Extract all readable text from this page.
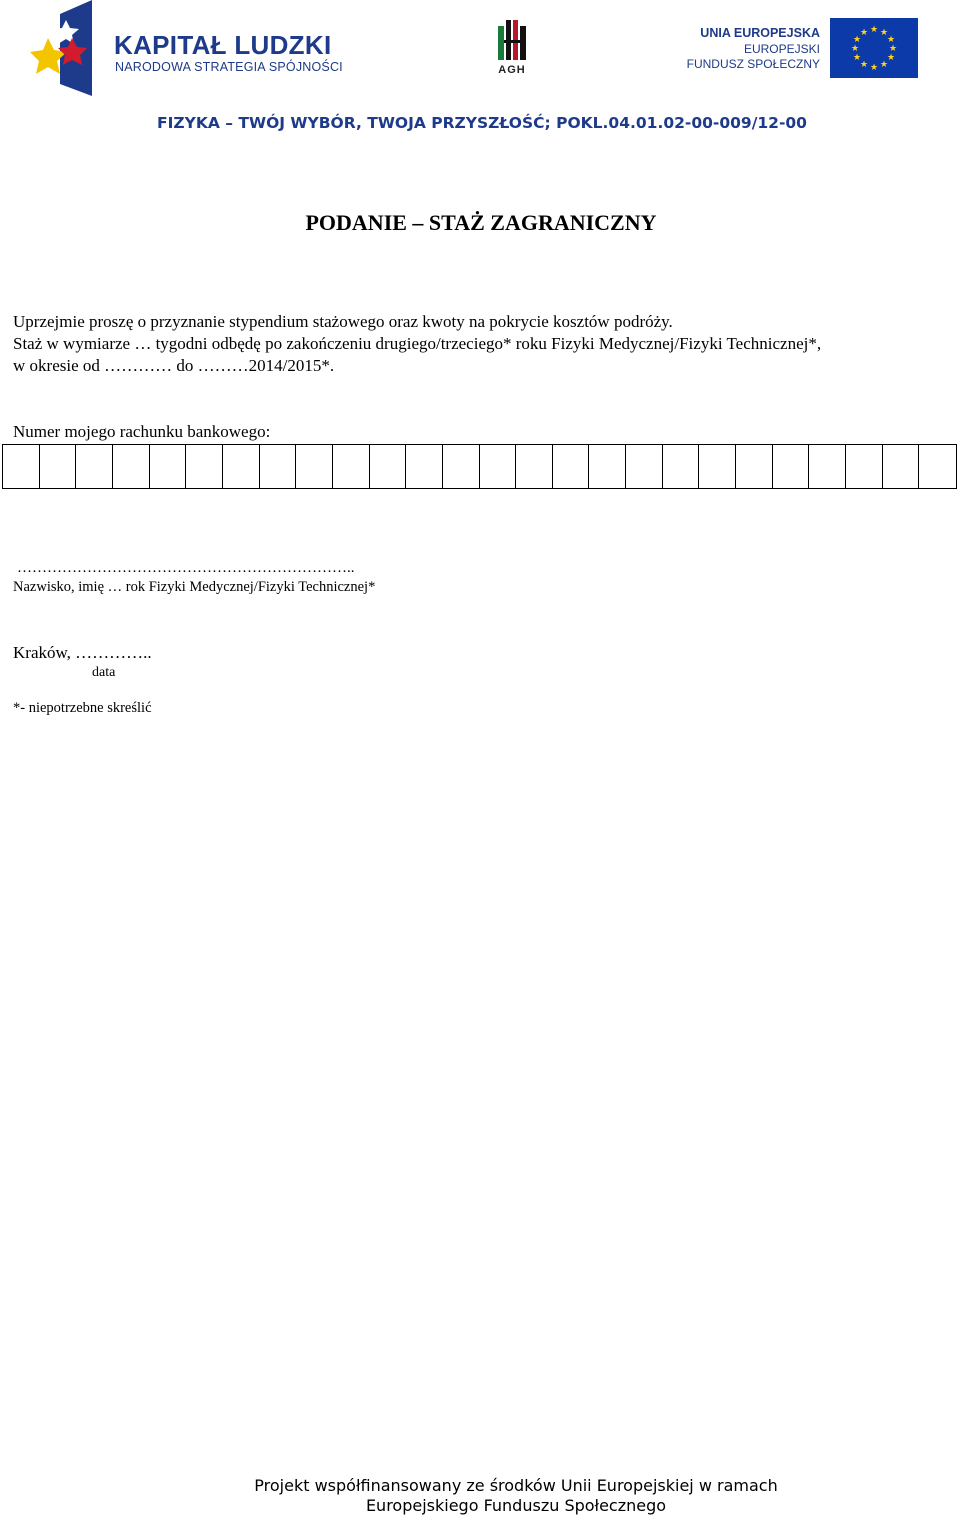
KAPITAŁ LUDZKI
NARODOWA STRATEGIA SPÓJNOŚCI	AGH
UNIA EUROPEJSKA
EUROPEJSKI
FUNDUSZ SPOŁECZNY
★ ★
★
★
★
★
★
★
★
★
★
★
FIZYKA – TWÓJ WYBÓR, TWOJA PRZYSZŁOŚĆ; POKL.04.01.02-00-009/12-00
PODANIE – STAŻ ZAGRANICZNY

Uprzejmie proszę o przyznanie stypendium stażowego oraz kwoty na pokrycie kosztów podróży.

Staż w wymiarze … tygodni odbędę po zakończeniu drugiego/trzeciego* roku Fizyki Medycznej/Fizyki Technicznej*,

w okresie od ………… do ………2014/2015*.

Numer mojego rachunku bankowego:
…………………………………………………………..
Nazwisko, imię … rok Fizyki Medycznej/Fizyki Technicznej*
Kraków, …………..
data
*- niepotrzebne skreślić
Projekt współfinansowany ze środków Unii Europejskiej w ramach
Europejskiego Funduszu Społecznego
